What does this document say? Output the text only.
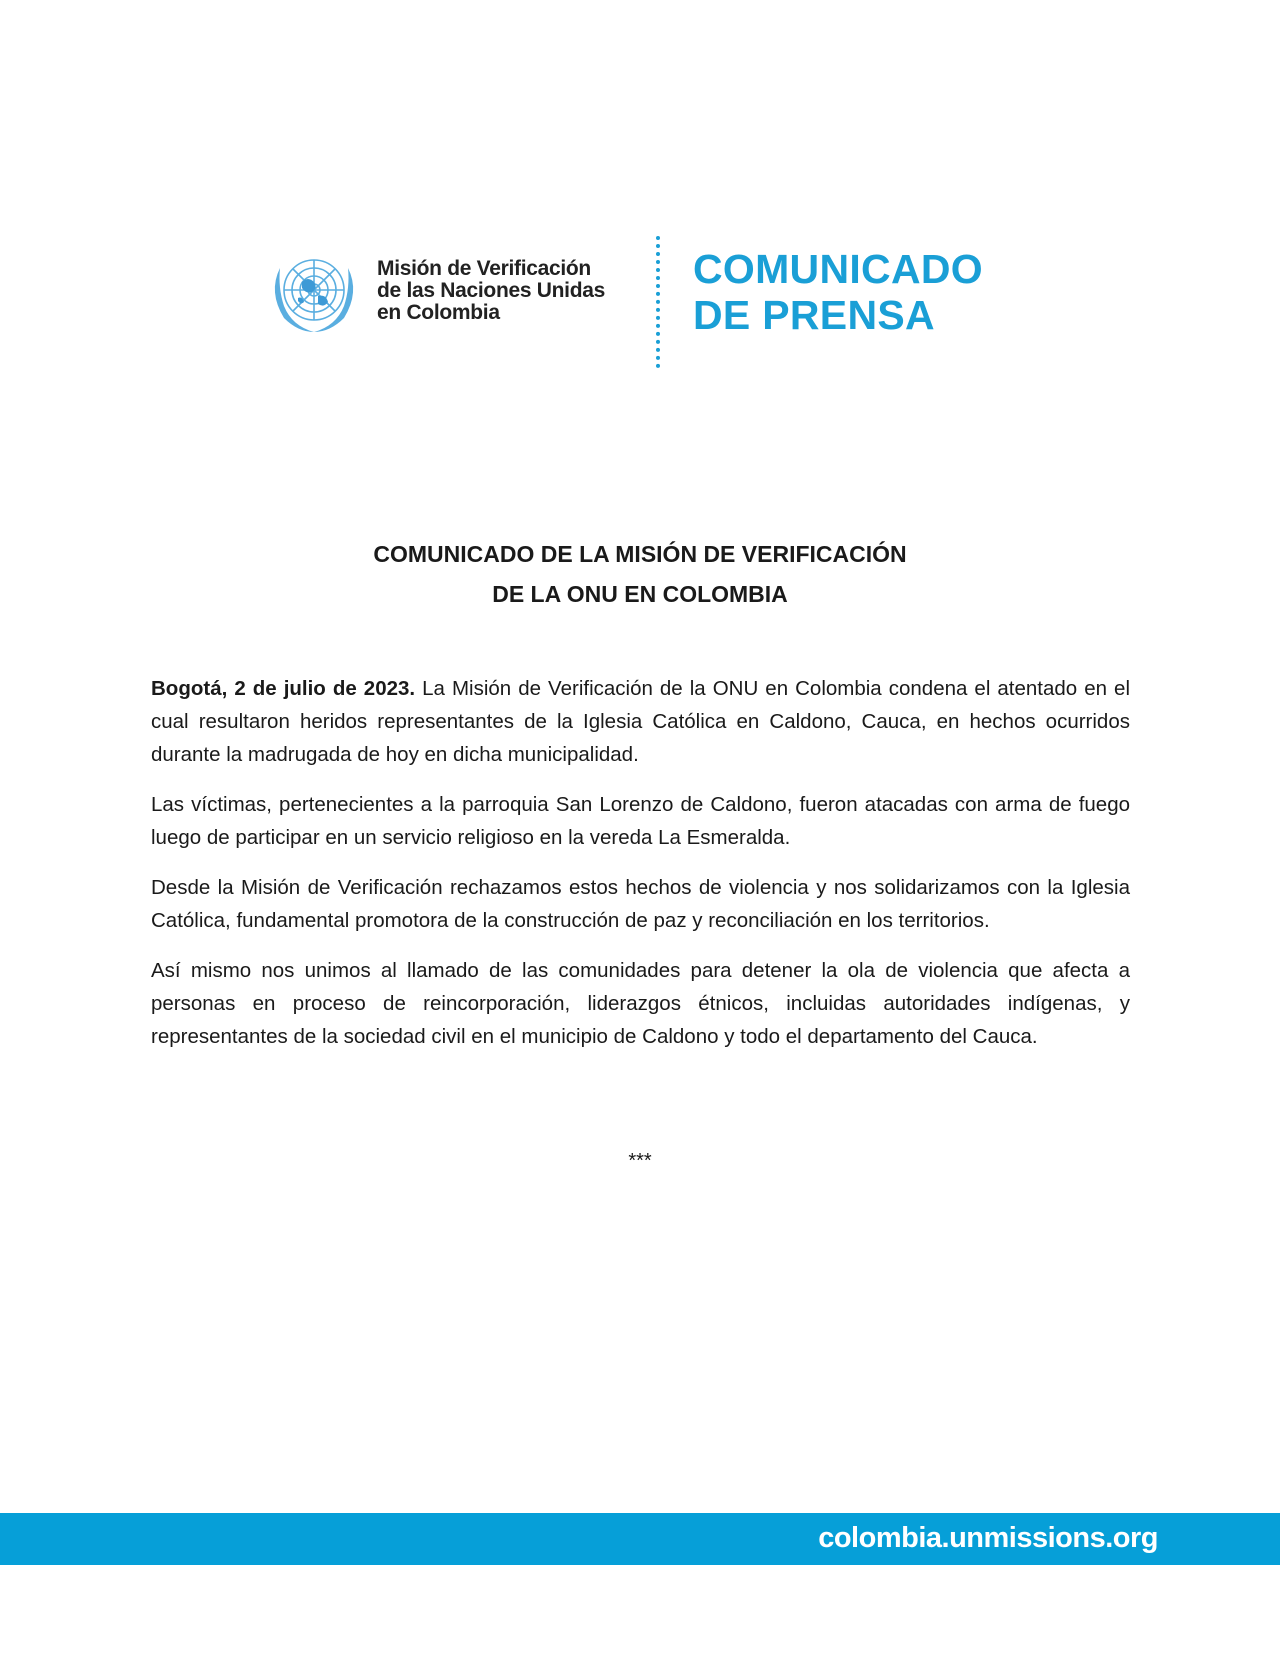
Misión de Verificación
de las Naciones Unidas
en Colombia
COMUNICADO
DE PRENSA
COMUNICADO DE LA MISIÓN DE VERIFICACIÓN
DE LA ONU EN COLOMBIA

Bogotá, 2 de julio de 2023. La Misión de Verificación de la ONU en Colombia condena el atentado en el cual resultaron heridos representantes de la Iglesia Católica en Caldono, Cauca, en hechos ocurridos durante la madrugada de hoy en dicha municipalidad.

Las víctimas, pertenecientes a la parroquia San Lorenzo de Caldono, fueron atacadas con arma de fuego luego de participar en un servicio religioso en la vereda La Esmeralda.

Desde la Misión de Verificación rechazamos estos hechos de violencia y nos solidarizamos con la Iglesia Católica, fundamental promotora de la construcción de paz y reconciliación en los territorios.

Así mismo nos unimos al llamado de las comunidades para detener la ola de violencia que afecta a personas en proceso de reincorporación, liderazgos étnicos, incluidas autoridades indígenas, y representantes de la sociedad civil en el municipio de Caldono y todo el departamento del Cauca.

***
colombia.unmissions.org
